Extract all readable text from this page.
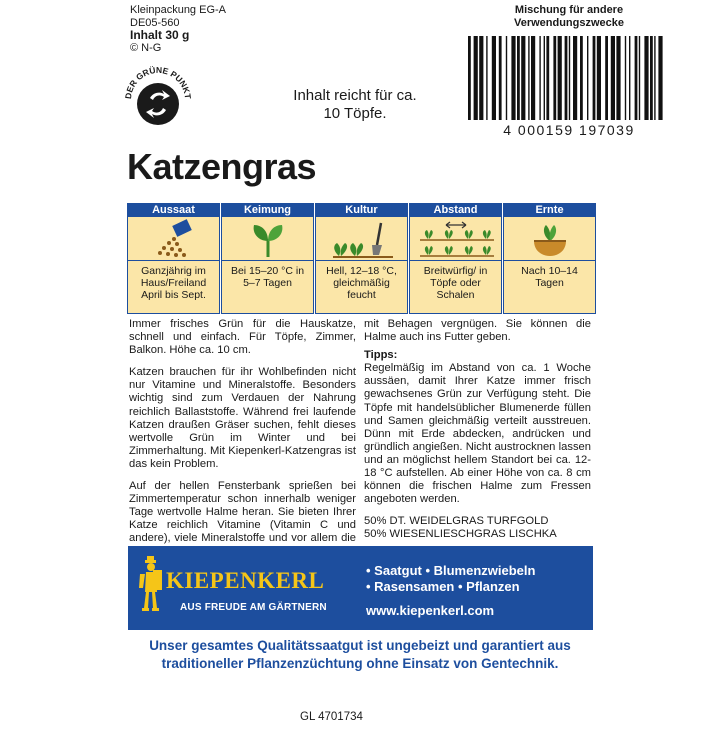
Kleinpackung EG-A
DE05-560
Inhalt 30 g
© N-G
DER GRÜNE PUNKT	Inhalt reicht für ca. 10 Töpfe.
Mischung für andere
Verwendungszwecke
4 000159 197039
Katzengras
Aussaat
Ganzjährig im Haus/Freiland April bis Sept.
Keimung
Bei 15–20 °C in 5–7 Tagen
Kultur
Hell, 12–18 °C, gleichmäßig feucht
Abstand
Breitwürfig/ in Töpfe oder Schalen
Ernte
Nach 10–14 Tagen

Immer frisches Grün für die Hauskatze, schnell und einfach. Für Töpfe, Zimmer, Balkon. Höhe ca. 10 cm.

Katzen brauchen für ihr Wohlbefinden nicht nur Vitamine und Mineralstoffe. Besonders wichtig sind zum Verdauen der Nahrung reichlich Ballaststoffe. Während frei laufende Katzen draußen Gräser suchen, fehlt dieses wertvolle Grün im Winter und bei Zimmerhaltung. Mit Kiepenkerl-Katzengras ist das kein Problem.

Auf der hellen Fensterbank sprießen bei Zimmertemperatur schon innerhalb weniger Tage wertvolle Halme heran. Sie bieten Ihrer Katze reichlich Vitamine (Vitamin C und andere), viele Mineralstoffe und vor allem die

mit Behagen vergnügen. Sie können die Halme auch ins Futter geben.

Tipps:

Regelmäßig im Abstand von ca. 1 Woche aussäen, damit Ihrer Katze immer frisch gewachsenes Grün zur Verfügung steht. Die Töpfe mit handelsüblicher Blumenerde füllen und Samen gleichmäßig verteilt ausstreuen. Dünn mit Erde abdecken, andrücken und gründlich angießen. Nicht austrocknen lassen und an möglichst hellem Standort bei ca. 12-18 °C aufstellen. Ab einer Höhe von ca. 8 cm können die frischen Halme zum Fressen angeboten werden.

50% DT. WEIDELGRAS TURFGOLD
50% WIESENLIESCHGRAS LISCHKA
KIEPENKERL
AUS FREUDE AM GÄRTNERN
• Saatgut • Blumenzwiebeln
• Rasensamen • Pflanzen
www.kiepenkerl.com
Unser gesamtes Qualitätssaatgut ist ungebeizt und garantiert aus
traditioneller Pflanzenzüchtung ohne Einsatz von Gentechnik.
GL 4701734
